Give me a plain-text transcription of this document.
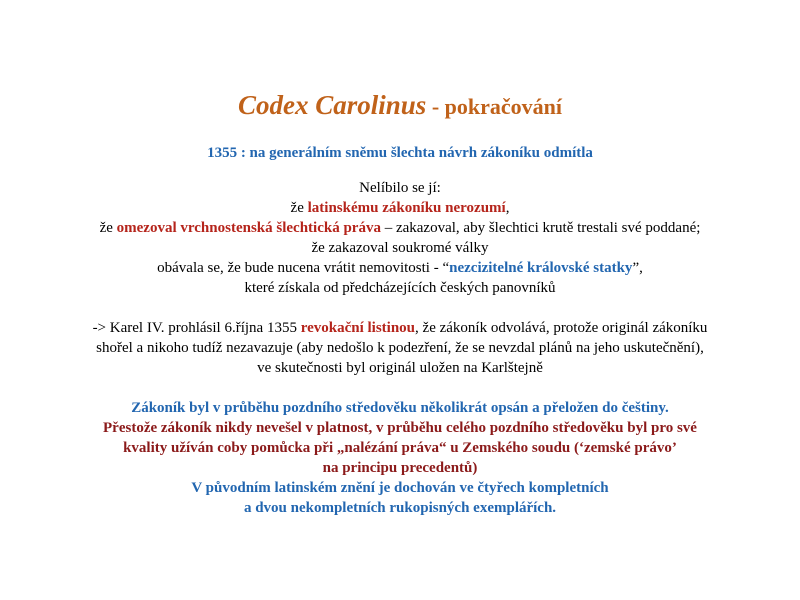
Codex Carolinus - pokračování
1355 : na generálním sněmu šlechta návrh zákoníku odmítla
Nelíbilo se jí:
že latinskému zákoníku nerozumí,
že omezoval vrchnostenská šlechtická práva – zakazoval, aby šlechtici krutě trestali své poddané;
že zakazoval soukromé války
obávala se, že bude nucena vrátit nemovitosti - “nezcizitelné královské statky”,
které získala od předcházejících českých panovníků
-> Karel IV. prohlásil 6.října 1355 revokační listinou, že zákoník odvolává, protože originál zákoníku
shořel a nikoho tudíž nezavazuje (aby nedošlo k podezření, že se nevzdal plánů na jeho uskutečnění),
ve skutečnosti byl originál uložen na Karlštejně
Zákoník byl v průběhu pozdního středověku několikrát opsán a přeložen do češtiny.
Přestože zákoník nikdy nevešel v platnost, v průběhu celého pozdního středověku byl pro své
kvality užíván coby pomůcka při „nalézání práva“ u Zemského soudu (‘zemské právo’
na principu precedentů)
V původním latinském znění je dochován ve čtyřech kompletních
a dvou nekompletních rukopisných exemplářích.
